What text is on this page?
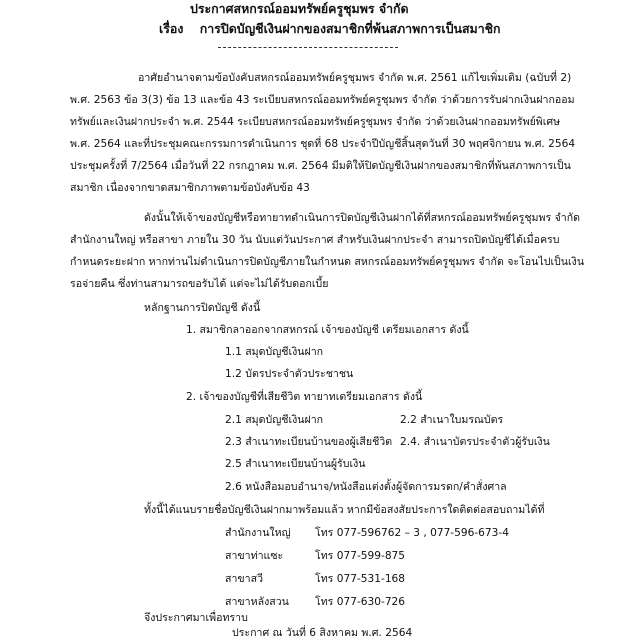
ประกาศสหกรณ์ออมทรัพย์ครูชุมพร จำกัด
เรื่อง การปิดบัญชีเงินฝากของสมาชิกที่พ้นสภาพการเป็นสมาชิก
อาศัยอำนาจตามข้อบังคับสหกรณ์ออมทรัพย์ครูชุมพร จำกัด พ.ศ. 2561 แก้ไขเพิ่มเติม (ฉบับที่ 2)
พ.ศ. 2563 ข้อ 3(3) ข้อ 13 และข้อ 43 ระเบียบสหกรณ์ออมทรัพย์ครูชุมพร จำกัด ว่าด้วยการรับฝากเงินฝากออม
ทรัพย์และเงินฝากประจำ พ.ศ. 2544 ระเบียบสหกรณ์ออมทรัพย์ครูชุมพร จำกัด ว่าด้วยเงินฝากออมทรัพย์พิเศษ
พ.ศ. 2564 และที่ประชุมคณะกรรมการดำเนินการ ชุดที่ 68 ประจำปีบัญชีสิ้นสุดวันที่ 30 พฤศจิกายน พ.ศ. 2564
ประชุมครั้งที่ 7/2564 เมื่อวันที่ 22 กรกฎาคม พ.ศ. 2564 มีมติให้ปิดบัญชีเงินฝากของสมาชิกที่พ้นสภาพการเป็น
สมาชิก เนื่องจากขาดสมาชิกภาพตามข้อบังคับข้อ 43
ดังนั้นให้เจ้าของบัญชีหรือทายาทดำเนินการปิดบัญชีเงินฝากได้ที่สหกรณ์ออมทรัพย์ครูชุมพร จำกัด
สำนักงานใหญ่ หรือสาขา ภายใน 30 วัน นับแต่วันประกาศ สำหรับเงินฝากประจำ สามารถปิดบัญชีได้เมื่อครบ
กำหนดระยะฝาก หากท่านไม่ดำเนินการปิดบัญชีภายในกำหนด สหกรณ์ออมทรัพย์ครูชุมพร จำกัด จะโอนไปเป็นเงิน
รอจ่ายคืน ซึ่งท่านสามารถขอรับได้ แต่จะไม่ได้รับดอกเบี้ย
หลักฐานการปิดบัญชี ดังนี้
1. สมาชิกลาออกจากสหกรณ์ เจ้าของบัญชี เตรียมเอกสาร ดังนี้
1.1 สมุดบัญชีเงินฝาก
1.2 บัตรประจำตัวประชาชน
2. เจ้าของบัญชีที่เสียชีวิต ทายาทเตรียมเอกสาร ดังนี้
2.1 สมุดบัญชีเงินฝาก	2.2 สำเนาใบมรณบัตร
2.3 สำเนาทะเบียนบ้านของผู้เสียชีวิต 2.4. สำเนาบัตรประจำตัวผู้รับเงิน
2.5 สำเนาทะเบียนบ้านผู้รับเงิน
2.6 หนังสือมอบอำนาจ/หนังสือแต่งตั้งผู้จัดการมรดก/คำสั่งศาล
ทั้งนี้ได้แนบรายชื่อบัญชีเงินฝากมาพร้อมแล้ว หากมีข้อสงสัยประการใดติดต่อสอบถามได้ที่
สำนักงานใหญ่ โทร 077-596762 – 3 , 077-596-673-4
สาขาท่าแซะ	โทร 077-599-875
สาขาสวี	โทร 077-531-168
สาขาหลังสวน โทร 077-630-726
จึงประกาศมาเพื่อทราบ
ประกาศ ณ วันที่ 6 สิงหาคม พ.ศ. 2564
